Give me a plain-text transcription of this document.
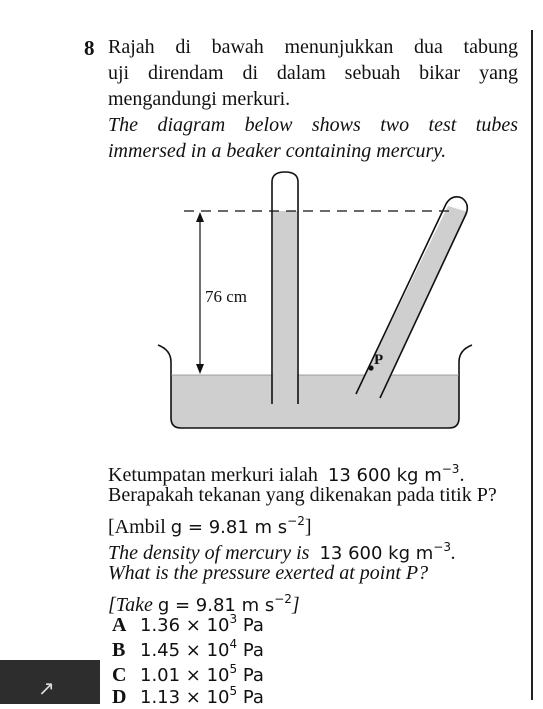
8 Rajah di bawah menunjukkan dua tabung
uji direndam di dalam sebuah bikar yang
mengandungi merkuri.
The diagram below shows two test tubes
immersed in a beaker containing mercury.
76 cm
P
Ketumpatan merkuri ialah 13 600 kg $m^{-3}$.
Berapakah tekanan yang dikenakan pada titik P?
[Ambil g = 9.81 m $s^{-2}$]
The density of mercury is 13 600 kg $m^{-3}$.
What is the pressure exerted at point P?
[Take g = 9.81 m $s^{-2}$]
A $1.36 \times 10^3$ Pa
B $1.45 \times 10^4$ Pa
C $1.01 \times 10^5$ Pa
D $1.13 \times 10^5$ Pa
↗
